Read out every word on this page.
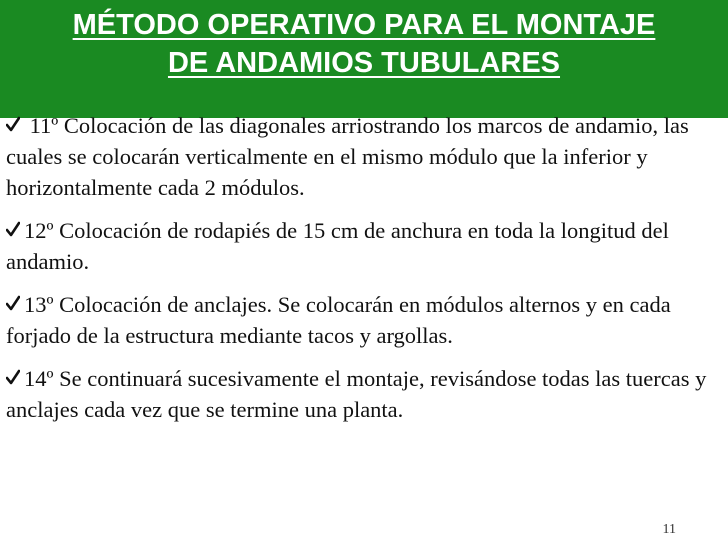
MÉTODO OPERATIVO PARA EL MONTAJE
DE ANDAMIOS TUBULARES
11º Colocación de las diagonales arriostrando los marcos de andamio, las cuales se colocarán verticalmente en el mismo módulo que la inferior y horizontalmente cada 2 módulos.
12º Colocación de rodapiés de 15 cm de anchura en toda la longitud del andamio.
13º Colocación de anclajes. Se colocarán en módulos alternos y en cada forjado de la estructura mediante tacos y argollas.
14º Se continuará sucesivamente el montaje, revisándose todas las tuercas y anclajes cada vez que se termine una planta.
11
